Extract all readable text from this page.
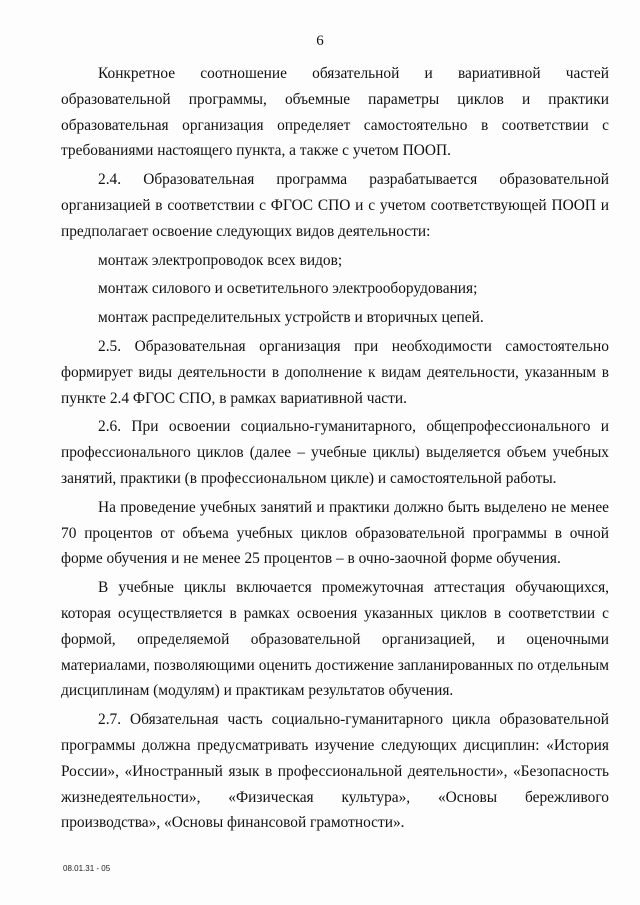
6

Конкретное соотношение обязательной и вариативной частей образовательной программы, объемные параметры циклов и практики образовательная организация определяет самостоятельно в соответствии с требованиями настоящего пункта, а также с учетом ПООП.

2.4. Образовательная программа разрабатывается образовательной организацией в соответствии с ФГОС СПО и с учетом соответствующей ПООП и предполагает освоение следующих видов деятельности:

монтаж электропроводок всех видов;

монтаж силового и осветительного электрооборудования;

монтаж распределительных устройств и вторичных цепей.

2.5. Образовательная организация при необходимости самостоятельно формирует виды деятельности в дополнение к видам деятельности, указанным в пункте 2.4 ФГОС СПО, в рамках вариативной части.

2.6. При освоении социально-гуманитарного, общепрофессионального и профессионального циклов (далее – учебные циклы) выделяется объем учебных занятий, практики (в профессиональном цикле) и самостоятельной работы.

На проведение учебных занятий и практики должно быть выделено не менее 70 процентов от объема учебных циклов образовательной программы в очной форме обучения и не менее 25 процентов – в очно-заочной форме обучения.

В учебные циклы включается промежуточная аттестация обучающихся, которая осуществляется в рамках освоения указанных циклов в соответствии с формой, определяемой образовательной организацией, и оценочными материалами, позволяющими оценить достижение запланированных по отдельным дисциплинам (модулям) и практикам результатов обучения.

2.7. Обязательная часть социально-гуманитарного цикла образовательной программы должна предусматривать изучение следующих дисциплин: «История России», «Иностранный язык в профессиональной деятельности», «Безопасность жизнедеятельности», «Физическая культура», «Основы бережливого производства», «Основы финансовой грамотности».

08.01.31 - 05
